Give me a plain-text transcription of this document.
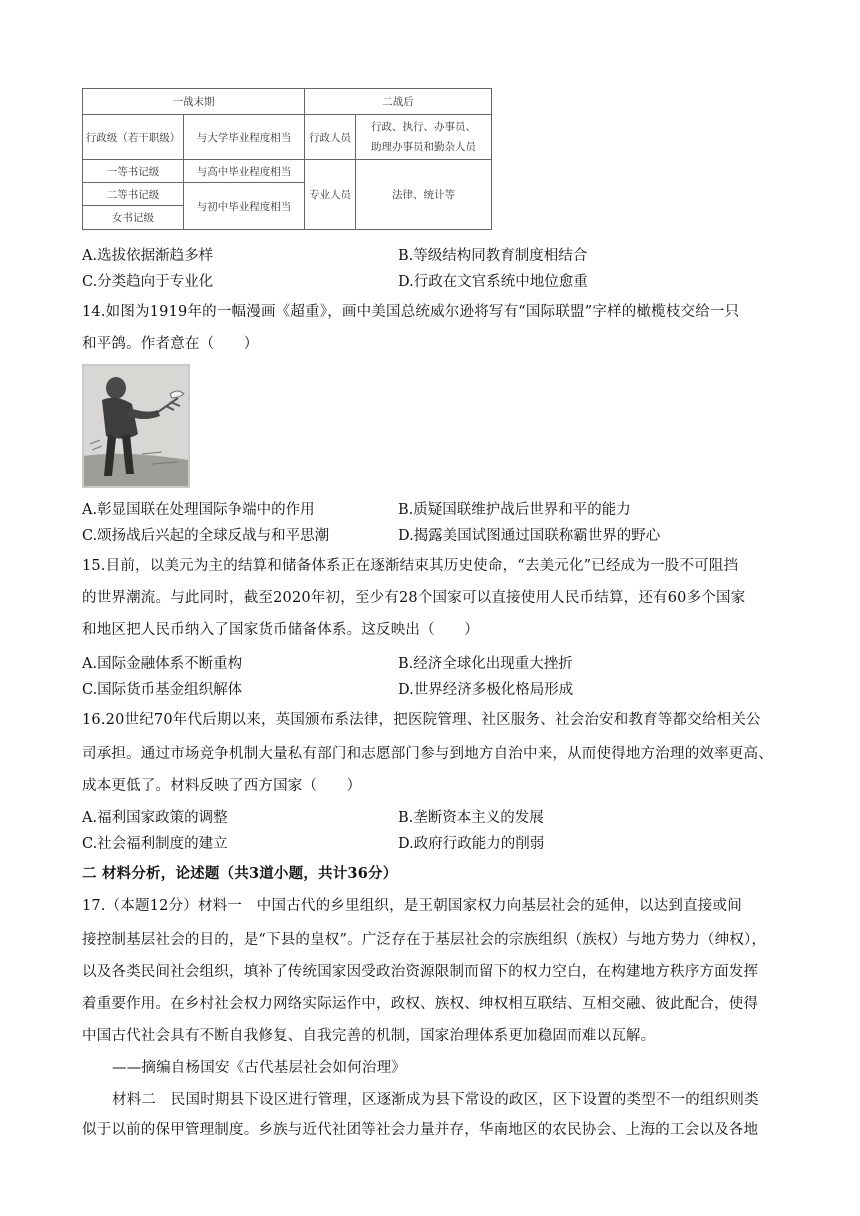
一战末期		二战后	
行政级（若干职级）	与大学毕业程度相当	行政人员	行政、执行、办事员、
助理办事员和勤杂人员

一等书记级	与高中毕业程度相当	专业人员	法律、统计等
二等书记级	与初中毕业程度相当		
女书记级			
A.选拔依据渐趋多样	B.等级结构同教育制度相结合
C.分类趋向于专业化	D.行政在文官系统中地位愈重
14.如图为1919年的一幅漫画《超重》，画中美国总统威尔逊将写有“国际联盟”字样的橄榄枝交给一只
和平鸽。作者意在（　　）
A.彰显国联在处理国际争端中的作用	B.质疑国联维护战后世界和平的能力
C.颂扬战后兴起的全球反战与和平思潮	D.揭露美国试图通过国联称霸世界的野心
15.目前，以美元为主的结算和储备体系正在逐渐结束其历史使命，“去美元化”已经成为一股不可阻挡
的世界潮流。与此同时，截至2020年初，至少有28个国家可以直接使用人民币结算，还有60多个国家
和地区把人民币纳入了国家货币储备体系。这反映出（　　）
A.国际金融体系不断重构	B.经济全球化出现重大挫折
C.国际货币基金组织解体	D.世界经济多极化格局形成
16.20世纪70年代后期以来，英国颁布系法律，把医院管理、社区服务、社会治安和教育等都交给相关公
司承担。通过市场竞争机制大量私有部门和志愿部门参与到地方自治中来，从而使得地方治理的效率更高、
成本更低了。材料反映了西方国家（　　）
A.福利国家政策的调整	B.垄断资本主义的发展
C.社会福利制度的建立	D.政府行政能力的削弱
二 材料分析，论述题（共3道小题，共计36分）
17.（本题12分）材料一　中国古代的乡里组织，是王朝国家权力向基层社会的延伸，以达到直接或间
接控制基层社会的目的，是“下县的皇权”。广泛存在于基层社会的宗族组织（族权）与地方势力（绅权），
以及各类民间社会组织，填补了传统国家因受政治资源限制而留下的权力空白，在构建地方秩序方面发挥
着重要作用。在乡村社会权力网络实际运作中，政权、族权、绅权相互联结、互相交融、彼此配合，使得
中国古代社会具有不断自我修复、自我完善的机制，国家治理体系更加稳固而难以瓦解。
——摘编自杨国安《古代基层社会如何治理》
材料二　民国时期县下设区进行管理，区逐渐成为县下常设的政区，区下设置的类型不一的组织则类
似于以前的保甲管理制度。乡族与近代社团等社会力量并存，华南地区的农民协会、上海的工会以及各地
